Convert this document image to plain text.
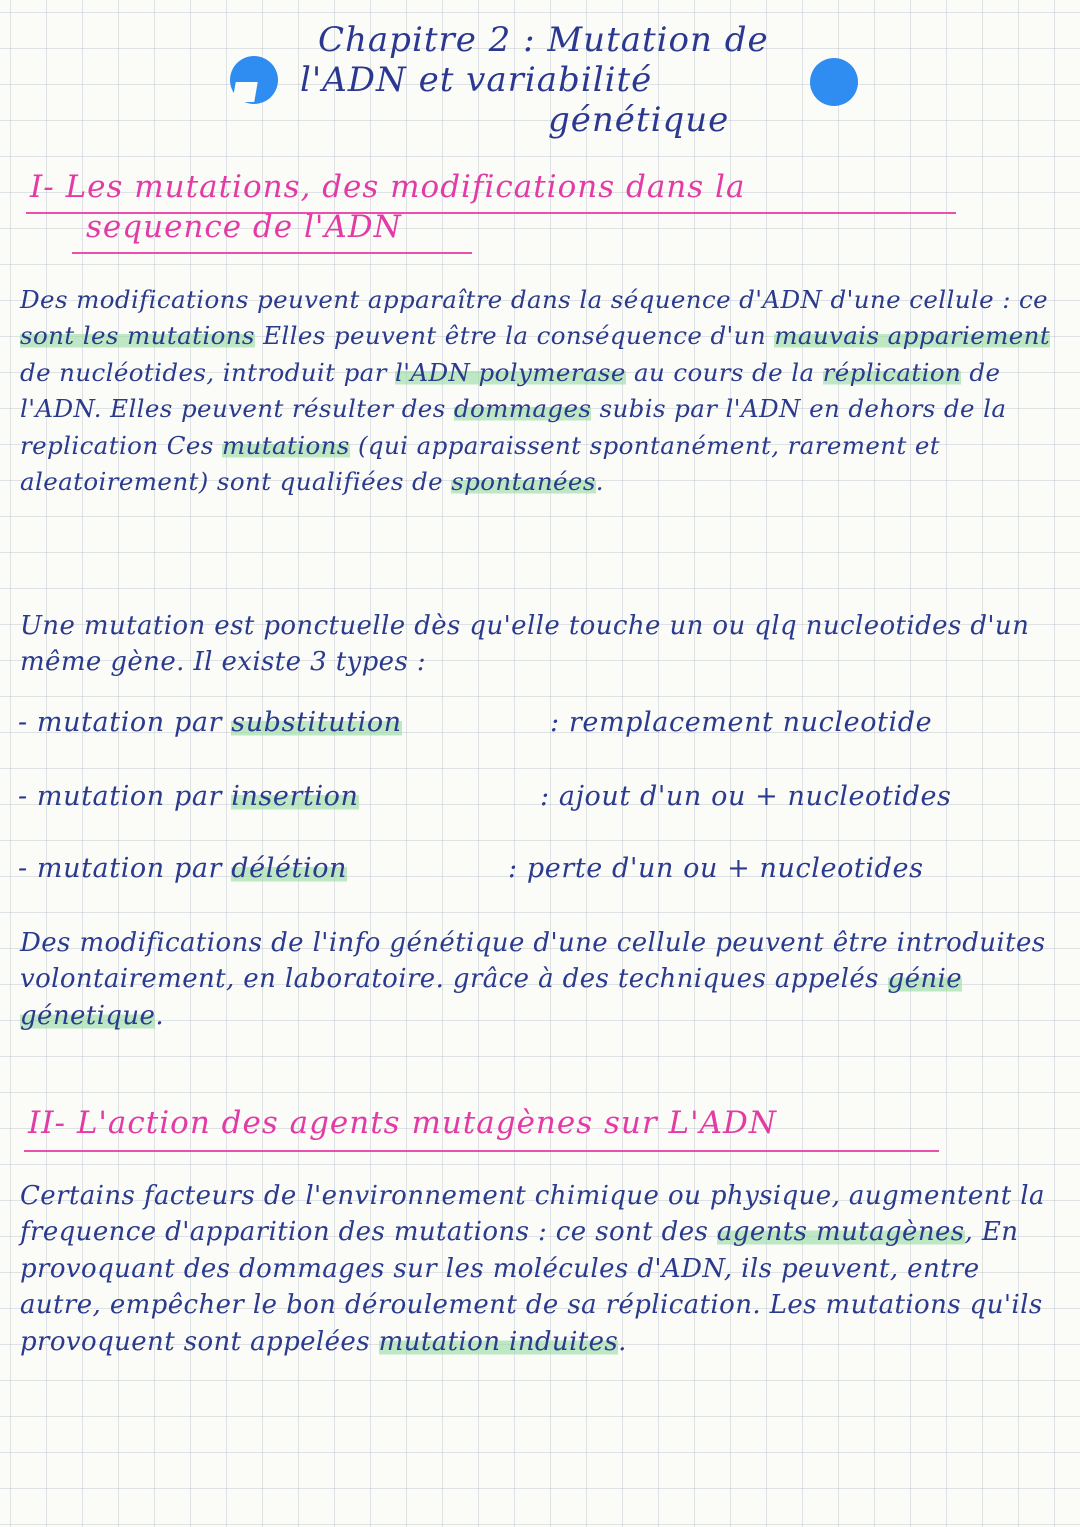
Chapitre 2 : Mutation de
l'ADN et variabilité
génétique
I- Les mutations, des modifications dans la
sequence de l'ADN
Des modifications peuvent apparaître dans la séquence d'ADN d'une cellule : ce sont les mutations Elles peuvent être la conséquence d'un mauvais appariement de nucléotides, introduit par l'ADN polymerase au cours de la réplication de l'ADN. Elles peuvent résulter des dommages subis par l'ADN en dehors de la replication Ces mutations (qui apparaissent spontanément, rarement et aleatoirement) sont qualifiées de spontanées.
Une mutation est ponctuelle dès qu'elle touche un ou qlq nucleotides d'un même gène. Il existe 3 types :
- mutation par substitution	: remplacement nucleotide
- mutation par insertion	: ajout d'un ou + nucleotides
- mutation par délétion	: perte d'un ou + nucleotides
Des modifications de l'info génétique d'une cellule peuvent être introduites volontairement, en laboratoire. grâce à des techniques appelés génie génetique.
II- L'action des agents mutagènes sur L'ADN
Certains facteurs de l'environnement chimique ou physique, augmentent la frequence d'apparition des mutations : ce sont des agents mutagènes, En provoquant des dommages sur les molécules d'ADN, ils peuvent, entre autre, empêcher le bon déroulement de sa réplication. Les mutations qu'ils provoquent sont appelées mutation induites.
